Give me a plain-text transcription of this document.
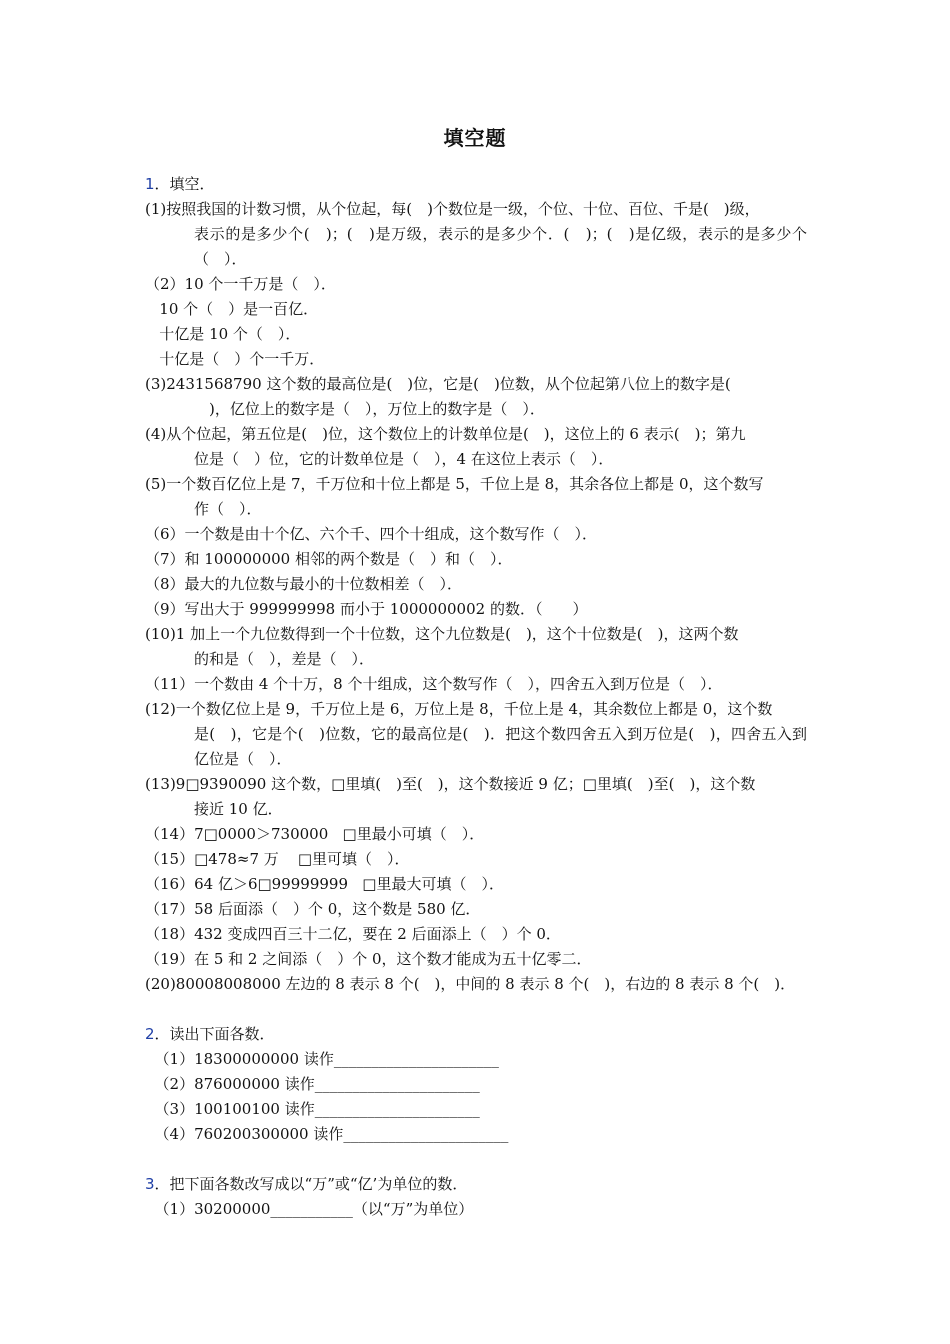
填空题
1．填空．
(1)按照我国的计数习惯，从个位起，每(　)个数位是一级，个位、十位、百位、千是(　)级，
表示的是多少个(　)；(　)是万级，表示的是多少个．(　)；(　)是亿级，表示的是多少个（　）．
（2）10 个一千万是（　）．
10 个（　）是一百亿．
十亿是 10 个（　）．
十亿是（　）个一千万．
(3)2431568790 这个数的最高位是(　)位，它是(　)位数，从个位起第八位上的数字是(
　)，亿位上的数字是（　），万位上的数字是（　）．
(4)从个位起，第五位是(　)位，这个数位上的计数单位是(　)，这位上的 6 表示(　)；第九
位是（　）位，它的计数单位是（　），4 在这位上表示（　）．
(5)一个数百亿位上是 7，千万位和十位上都是 5，千位上是 8，其余各位上都是 0，这个数写
作（　）．
（6）一个数是由十个亿、六个千、四个十组成，这个数写作（　）．
（7）和 100000000 相邻的两个数是（　）和（　）．
（8）最大的九位数与最小的十位数相差（　）．
（9）写出大于 999999998 而小于 1000000002 的数．（　　）
(10)1 加上一个九位数得到一个十位数，这个九位数是(　)，这个十位数是(　)，这两个数
的和是（　），差是（　）．
（11）一个数由 4 个十万，8 个十组成，这个数写作（　），四舍五入到万位是（　）．
(12)一个数亿位上是 9，千万位上是 6，万位上是 8，千位上是 4，其余数位上都是 0，这个数
是(　)，它是个(　)位数，它的最高位是(　)．把这个数四舍五入到万位是(　)，四舍五入到亿位是（　）．
(13)9□9390090 这个数，□里填(　)至(　)，这个数接近 9 亿；□里填(　)至(　)，这个数
接近 10 亿．
（14）7□0000＞730000   □里最小可填（　）．
（15）□478≈7 万    □里可填（　）．
（16）64 亿＞6□99999999   □里最大可填（　）．
（17）58 后面添（　）个 0，这个数是 580 亿．
（18）432 变成四百三十二亿，要在 2 后面添上（　）个 0．
（19）在 5 和 2 之间添（　）个 0，这个数才能成为五十亿零二．
(20)80008008000 左边的 8 表示 8 个(　)，中间的 8 表示 8 个(　)，右边的 8 表示 8 个(　)．
2．读出下面各数．
（1）18300000000 读作______________________
（2）876000000 读作______________________
（3）100100100 读作______________________
（4）760200300000 读作______________________
3．把下面各数改写成以“万”或“亿’为单位的数．
（1）30200000___________（以“万”为单位）
